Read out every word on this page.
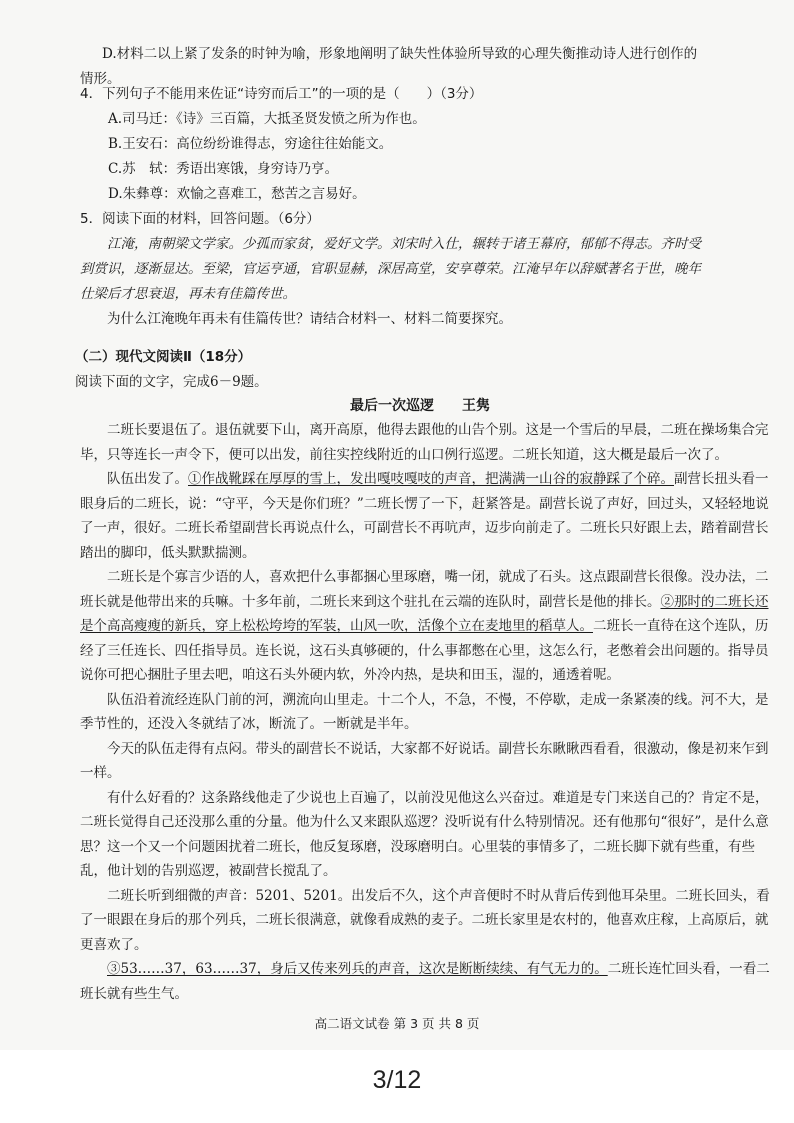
D.材料二以上紧了发条的时钟为喻，形象地阐明了缺失性体验所导致的心理失衡推动诗人进行创作的

情形。

4．下列句子不能用来佐证“诗穷而后工”的一项的是（　　）（3分）

A.司马迁：《诗》三百篇，大抵圣贤发愤之所为作也。

B.王安石：高位纷纷谁得志，穷途往往始能文。

C.苏　轼：秀语出寒饿，身穷诗乃亨。

D.朱彝尊：欢愉之喜难工，愁苦之言易好。

5．阅读下面的材料，回答问题。（6分）

江淹，南朝梁文学家。少孤而家贫，爱好文学。刘宋时入仕，辗转于诸王幕府，郁郁不得志。齐时受

到赏识，逐渐显达。至梁，官运亨通，官职显赫，深居高堂，安享尊荣。江淹早年以辞赋著名于世，晚年

仕梁后才思衰退，再未有佳篇传世。

为什么江淹晚年再未有佳篇传世？请结合材料一、材料二简要探究。

（二）现代文阅读Ⅱ（18分）

阅读下面的文字，完成6－9题。

最后一次巡逻 王隽

二班长要退伍了。退伍就要下山，离开高原，他得去跟他的山告个别。这是一个雪后的早晨，二班在操场集合完毕，只等连长一声令下，便可以出发，前往实控线附近的山口例行巡逻。二班长知道，这大概是最后一次了。

队伍出发了。①作战靴踩在厚厚的雪上，发出嘎吱嘎吱的声音，把满满一山谷的寂静踩了个碎。副营长扭头看一眼身后的二班长，说：“守平，今天是你们班？”二班长愣了一下，赶紧答是。副营长说了声好，回过头，又轻轻地说了一声，很好。二班长希望副营长再说点什么，可副营长不再吭声，迈步向前走了。二班长只好跟上去，踏着副营长踏出的脚印，低头默默揣测。

二班长是个寡言少语的人，喜欢把什么事都捆心里琢磨，嘴一闭，就成了石头。这点跟副营长很像。没办法，二班长就是他带出来的兵嘛。十多年前，二班长来到这个驻扎在云端的连队时，副营长是他的排长。②那时的二班长还是个高高瘦瘦的新兵，穿上松松垮垮的军装，山风一吹，活像个立在麦地里的稻草人。二班长一直待在这个连队，历经了三任连长、四任指导员。连长说，这石头真够硬的，什么事都憋在心里，这怎么行，老憋着会出问题的。指导员说你可把心捆肚子里去吧，咱这石头外硬内软，外冷内热，是块和田玉，湿的，通透着呢。

队伍沿着流经连队门前的河，溯流向山里走。十二个人，不急，不慢，不停歇，走成一条紧凑的线。河不大，是季节性的，还没入冬就结了冰，断流了。一断就是半年。

今天的队伍走得有点闷。带头的副营长不说话，大家都不好说话。副营长东瞅瞅西看看，很激动，像是初来乍到一样。

有什么好看的？这条路线他走了少说也上百遍了，以前没见他这么兴奋过。难道是专门来送自己的？肯定不是，二班长觉得自己还没那么重的分量。他为什么又来跟队巡逻？没听说有什么特别情况。还有他那句“很好”，是什么意思？这一个又一个问题困扰着二班长，他反复琢磨，没琢磨明白。心里装的事情多了，二班长脚下就有些重，有些乱，他计划的告别巡逻，被副营长搅乱了。

二班长听到细微的声音：5201、5201。出发后不久，这个声音便时不时从背后传到他耳朵里。二班长回头，看了一眼跟在身后的那个列兵，二班长很满意，就像看成熟的麦子。二班长家里是农村的，他喜欢庄稼，上高原后，就更喜欢了。

③53……37，63……37，身后又传来列兵的声音，这次是断断续续、有气无力的。二班长连忙回头看，一看二班长就有些生气。

高二语文试卷 第 3 页 共 8 页
3/12
